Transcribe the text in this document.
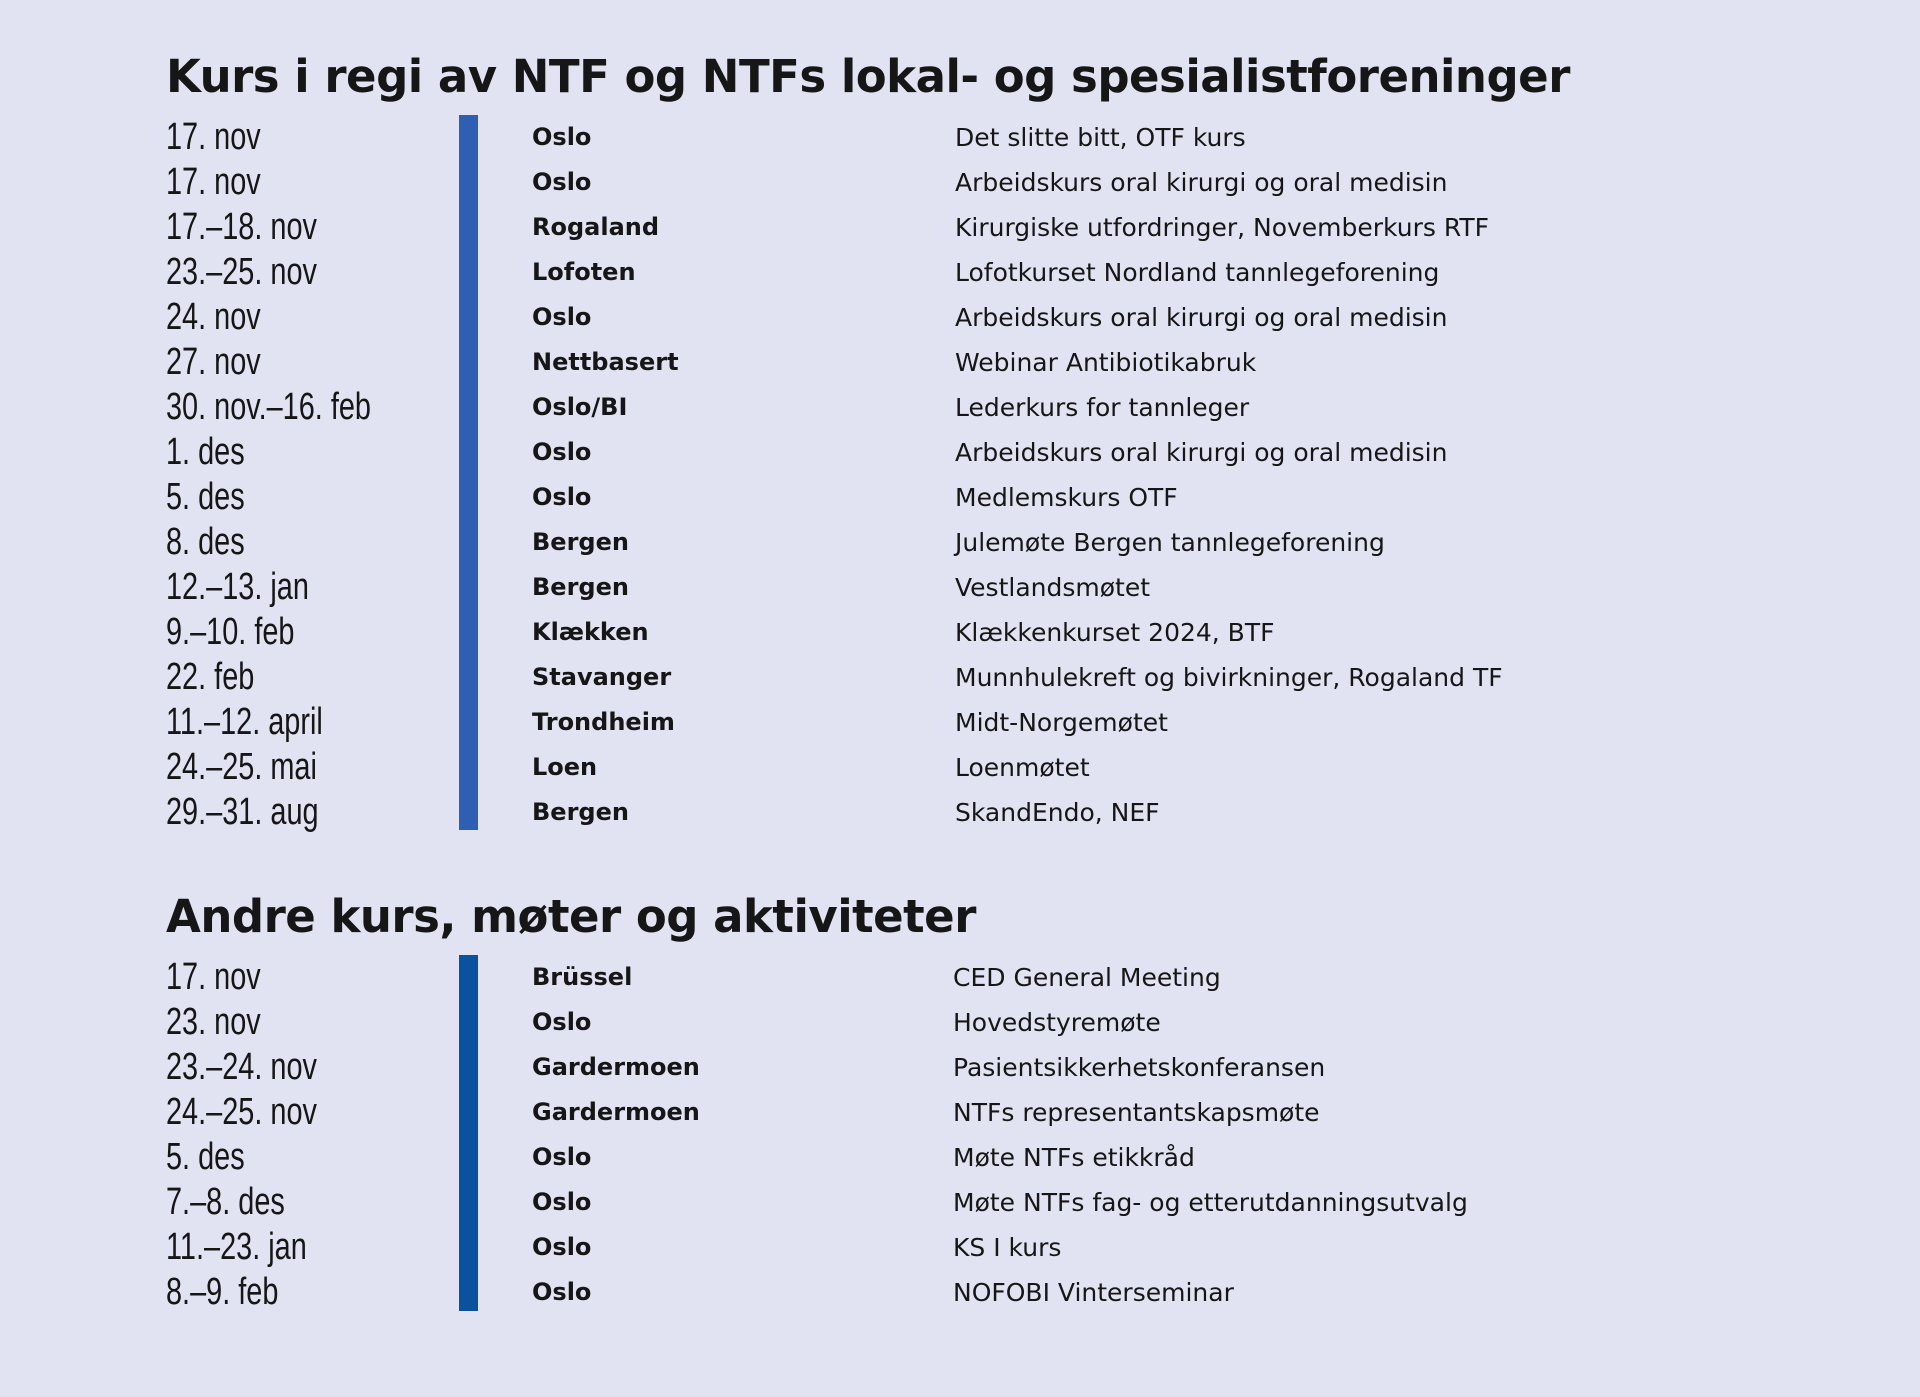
Kurs i regi av NTF og NTFs lokal- og spesialistforeninger
17. nov	Oslo	Det slitte bitt, OTF kurs
17. nov	Oslo	Arbeidskurs oral kirurgi og oral medisin
17.–18. nov	Rogaland	Kirurgiske utfordringer, Novemberkurs RTF
23.–25. nov	Lofoten	Lofotkurset Nordland tannlegeforening
24. nov	Oslo	Arbeidskurs oral kirurgi og oral medisin
27. nov	Nettbasert	Webinar Antibiotikabruk
30. nov.–16. feb	Oslo/BI	Lederkurs for tannleger
1. des	Oslo	Arbeidskurs oral kirurgi og oral medisin
5. des	Oslo	Medlemskurs OTF
8. des	Bergen	Julemøte Bergen tannlegeforening
12.–13. jan	Bergen	Vestlandsmøtet
9.–10. feb	Klækken	Klækkenkurset 2024, BTF
22. feb	Stavanger	Munnhulekreft og bivirkninger, Rogaland TF
11.–12. april	Trondheim	Midt-Norgemøtet
24.–25. mai	Loen	Loenmøtet
29.–31. aug	Bergen	SkandEndo, NEF
Andre kurs, møter og aktiviteter
17. nov	Brüssel	CED General Meeting
23. nov	Oslo	Hovedstyremøte
23.–24. nov	Gardermoen	Pasientsikkerhetskonferansen
24.–25. nov	Gardermoen	NTFs representantskapsmøte
5. des	Oslo	Møte NTFs etikkråd
7.–8. des	Oslo	Møte NTFs fag- og etterutdanningsutvalg
11.–23. jan	Oslo	KS I kurs
8.–9. feb	Oslo	NOFOBI Vinterseminar
